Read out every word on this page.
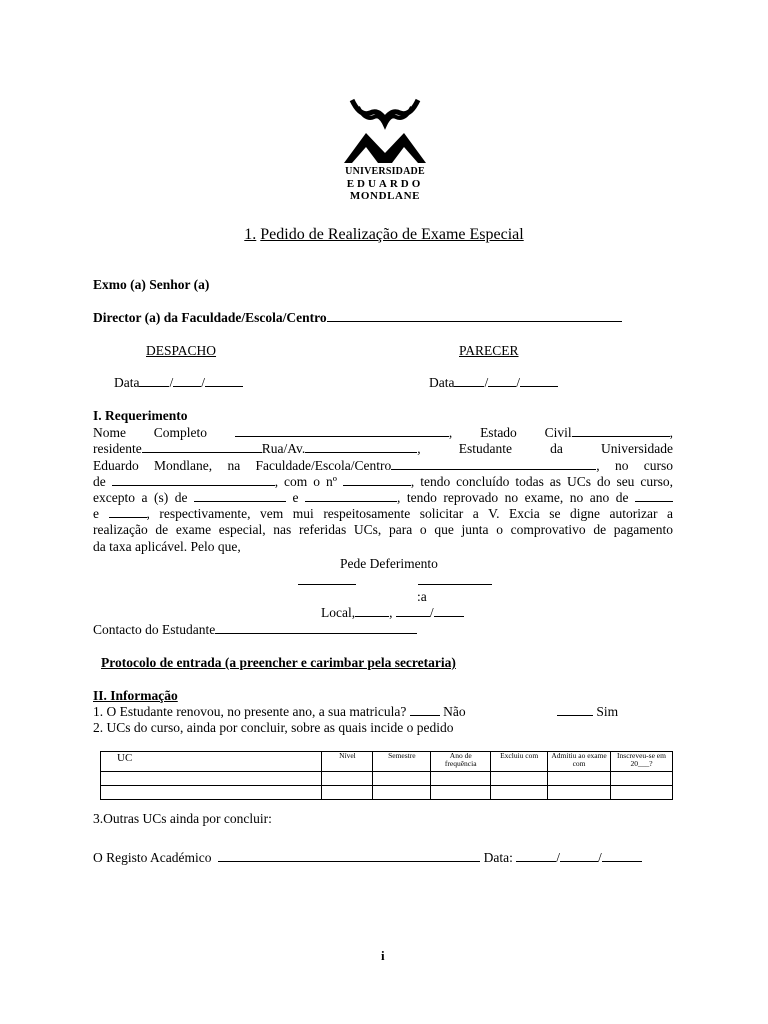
UNIVERSIDADE
EDUARDO
MONDLANE
1. Pedido de Realização de Exame Especial
Exmo (a) Senhor (a)
Director (a) da Faculdade/Escola/Centro
DESPACHO	PARECER
Data / /	Data / /
I. Requerimento
Nome Completo	, Estado Civil	,
residente	Rua/Av.	, Estudante da Universidade
Eduardo Mondlane, na Faculdade/Escola/Centro	, no curso
de	, com o nº	, tendo concluído todas as UCs do seu curso,
excepto a (s) de	e	, tendo reprovado no exame, no ano de
e	, respectivamente, vem mui respeitosamente solicitar a V. Excia se digne autorizar a
realização de exame especial, nas referidas UCs, para o que junta o comprovativo de pagamento
da taxa aplicável. Pelo que,
Pede Deferimento
:a
Local,	,	/
Contacto do Estudante
Protocolo de entrada (a preencher e carimbar pela secretaria)
II. Informação
1. O Estudante renovou, no presente ano, a sua matricula?	Não	Sim
2. UCs do curso, ainda por concluir, sobre as quais incide o pedido
UC	Nível	Semestre	Ano de frequência	Excluiu com	Admitiu ao exame com	Inscreveu-se em 20___?

3.Outras UCs ainda por concluir:
O Registo Académico	Data:	/	/
i
